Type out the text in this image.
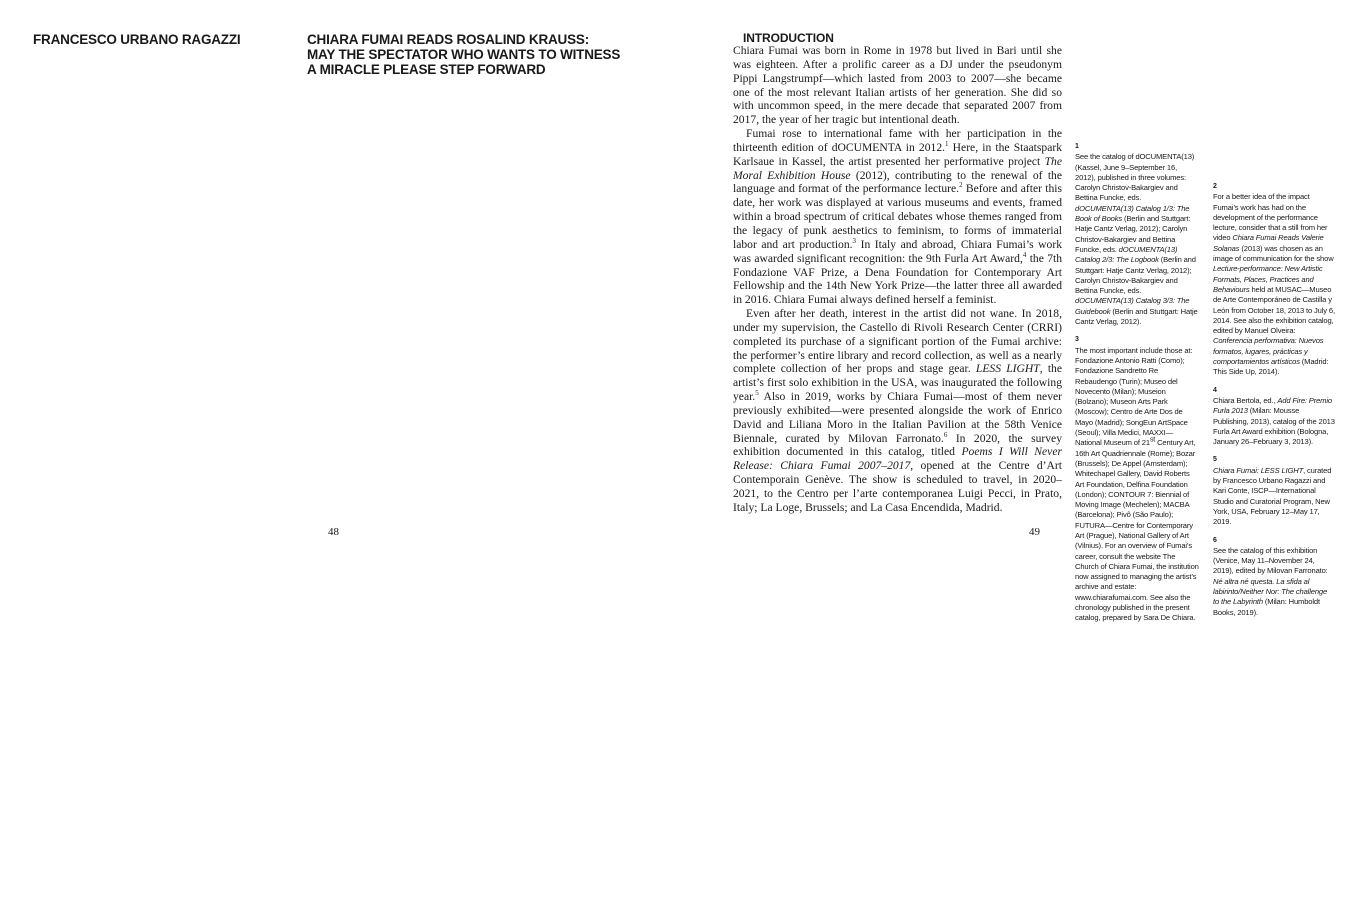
FRANCESCO URBANO RAGAZZI	CHIARA FUMAI READS ROSALIND KRAUSS:
MAY THE SPECTATOR WHO WANTS TO WITNESS
A MIRACLE PLEASE STEP FORWARD
INTRODUCTION

Chiara Fumai was born in Rome in 1978 but lived in Bari until she was eighteen. After a prolific career as a DJ under the pseudonym Pippi Langstrumpf—which lasted from 2003 to 2007—she became one of the most relevant Italian artists of her generation. She did so with uncommon speed, in the mere decade that separated 2007 from 2017, the year of her tragic but intentional death.

Fumai rose to international fame with her participation in the thirteenth edition of dOCUMENTA in 2012.$^1$ Here, in the Staatspark Karlsaue in Kassel, the artist presented her performative project The Moral Exhibition House (2012), contributing to the renewal of the language and format of the performance lecture.$^2$ Before and after this date, her work was displayed at various museums and events, framed within a broad spectrum of critical debates whose themes ranged from the legacy of punk aesthetics to feminism, to forms of immaterial labor and art production.$^3$ In Italy and abroad, Chiara Fumai’s work was awarded significant recognition: the 9th Furla Art Award,$^4$ the 7th Fondazione VAF Prize, a Dena Foundation for Contemporary Art Fellowship and the 14th New York Prize—the latter three all awarded in 2016. Chiara Fumai always defined herself a feminist.

Even after her death, interest in the artist did not wane. In 2018, under my supervision, the Castello di Rivoli Research Center (CRRI) completed its purchase of a significant portion of the Fumai archive: the performer’s entire library and record collection, as well as a nearly complete collection of her props and stage gear. LESS LIGHT, the artist’s first solo exhibition in the USA, was inaugurated the following year.$^5$ Also in 2019, works by Chiara Fumai—most of them never previously exhibited—were presented alongside the work of Enrico David and Liliana Moro in the Italian Pavilion at the 58th Venice Biennale, curated by Milovan Farronato.$^6$ In 2020, the survey exhibition documented in this catalog, titled Poems I Will Never Release: Chiara Fumai 2007–2017, opened at the Centre d’Art Contemporain Genève. The show is scheduled to travel, in 2020–2021, to the Centro per l’arte contemporanea Luigi Pecci, in Prato, Italy; La Loge, Brussels; and La Casa Encendida, Madrid.

48	49
1
See the catalog of dOCUMENTA(13) (Kassel, June 9–September 16, 2012), published in three volumes: Carolyn Christov-Bakargiev and Bettina Funcke, eds. dOCUMENTA(13) Catalog 1/3: The Book of Books (Berlin and Stuttgart: Hatje Cantz Verlag, 2012); Carolyn Christov-Bakargiev and Bettina Funcke, eds. dOCUMENTA(13) Catalog 2/3: The Logbook (Berlin and Stuttgart: Hatje Cantz Verlag, 2012); Carolyn Christov-Bakargiev and Bettina Funcke, eds. dOCUMENTA(13) Catalog 3/3: The Guidebook (Berlin and Stuttgart: Hatje Cantz Verlag, 2012).
3
The most important include those at: Fondazione Antonio Ratti (Como); Fondazione Sandretto Re Rebaudengo (Turin); Museo del Novecento (Milan); Museion (Bolzano); Museon Arts Park (Moscow); Centro de Arte Dos de Mayo (Madrid); SongEun ArtSpace (Seoul); Villa Medici, MAXXI—National Museum of 21st Century Art, 16th Art Quadriennale (Rome); Bozar (Brussels); De Appel (Amsterdam); Whitechapel Gallery, David Roberts Art Foundation, Delfina Foundation (London); CONTOUR 7: Biennial of Moving Image (Mechelen); MACBA (Barcelona); Pivô (São Paulo); FUTURA—Centre for Contemporary Art (Prague), National Gallery of Art (Vilnius). For an overview of Fumai’s career, consult the website The Church of Chiara Fumai, the institution now assigned to managing the artist’s archive and estate: www.chiarafumai.com. See also the chronology published in the present catalog, prepared by Sara De Chiara.
2
For a better idea of the impact Fumai’s work has had on the development of the performance lecture, consider that a still from her video Chiara Fumai Reads Valerie Solanas (2013) was chosen as an image of communication for the show Lecture-performance: New Artistic Formats, Places, Practices and Behaviours held at MUSAC—Museo de Arte Contemporáneo de Castilla y León from October 18, 2013 to July 6, 2014. See also the exhibition catalog, edited by Manuel Olveira: Conferencia performativa: Nuevos formatos, lugares, prácticas y comportamientos artísticos (Madrid: This Side Up, 2014).
4
Chiara Bertola, ed., Add Fire: Premio Furla 2013 (Milan: Mousse Publishing, 2013), catalog of the 2013 Furla Art Award exhibition (Bologna, January 26–February 3, 2013).
5
Chiara Fumai: LESS LIGHT, curated by Francesco Urbano Ragazzi and Kari Conte, ISCP—International Studio and Curatorial Program, New York, USA, February 12–May 17, 2019.
6
See the catalog of this exhibition (Venice, May 11–November 24, 2019), edited by Milovan Farronato: Né altra né questa. La sfida al labirinto/Neither Nor: The challenge to the Labyrinth (Milan: Humboldt Books, 2019).
